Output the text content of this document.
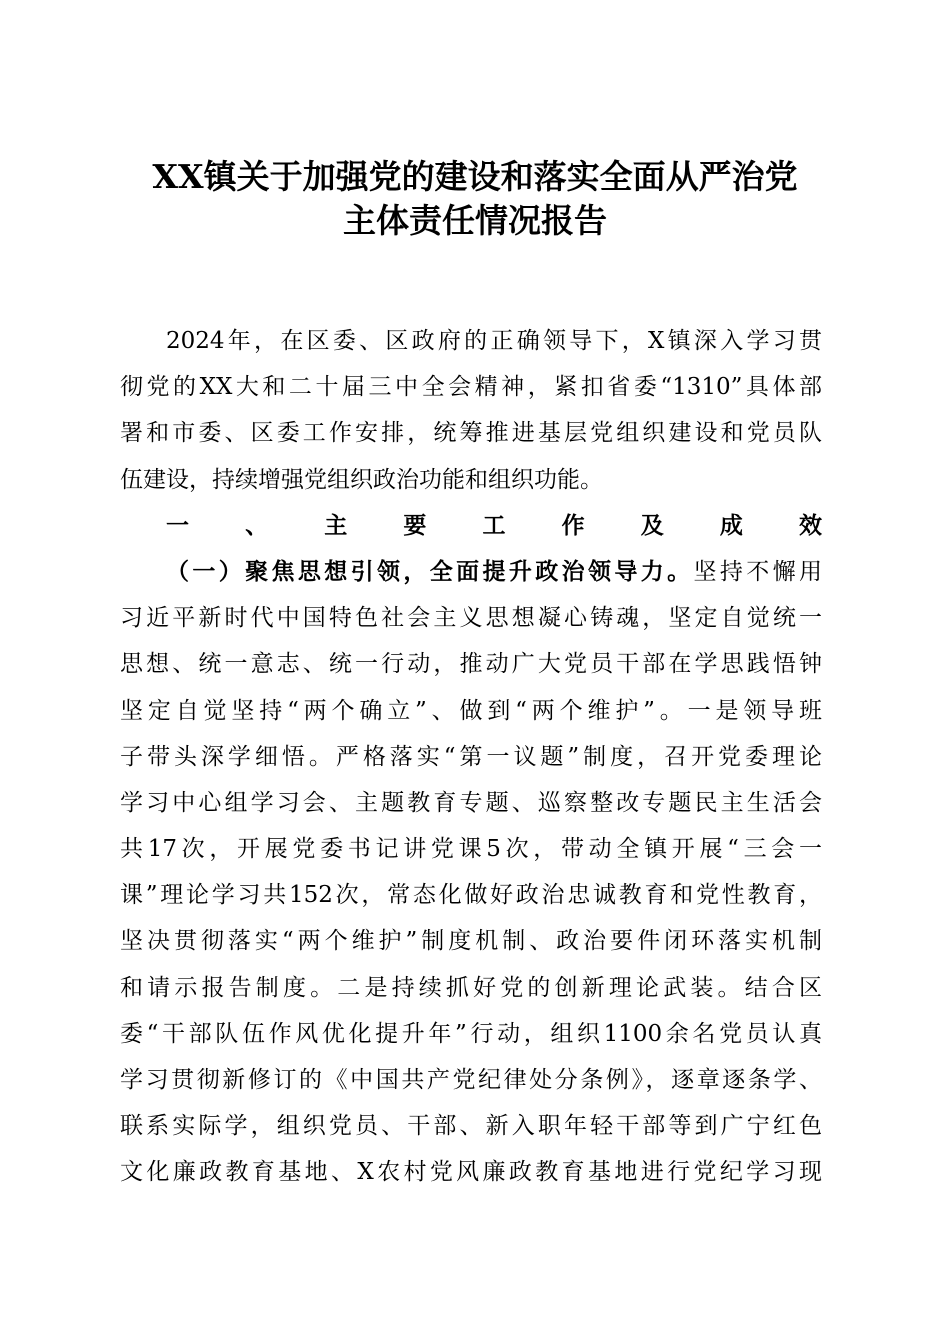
XX镇关于加强党的建设和落实全面从严治党
主体责任情况报告
2024年，在区委、区政府的正确领导下，X镇深入学习贯
彻党的XX大和二十届三中全会精神，紧扣省委“1310”具体部
署和市委、区委工作安排，统筹推进基层党组织建设和党员队
伍建设，持续增强党组织政治功能和组织功能。
一、主要工作及成效
（一）聚焦思想引领，全面提升政治领导力。坚持不懈用
习近平新时代中国特色社会主义思想凝心铸魂，坚定自觉统一
思想、统一意志、统一行动，推动广大党员干部在学思践悟钟
坚定自觉坚持“两个确立”、做到“两个维护”。一是领导班
子带头深学细悟。严格落实“第一议题”制度，召开党委理论
学习中心组学习会、主题教育专题、巡察整改专题民主生活会
共17次，开展党委书记讲党课5次，带动全镇开展“三会一
课”理论学习共152次，常态化做好政治忠诚教育和党性教育，
坚决贯彻落实“两个维护”制度机制、政治要件闭环落实机制
和请示报告制度。二是持续抓好党的创新理论武装。结合区
委“干部队伍作风优化提升年”行动，组织1100余名党员认真
学习贯彻新修订的《中国共产党纪律处分条例》，逐章逐条学、
联系实际学，组织党员、干部、新入职年轻干部等到广宁红色
文化廉政教育基地、X农村党风廉政教育基地进行党纪学习现
